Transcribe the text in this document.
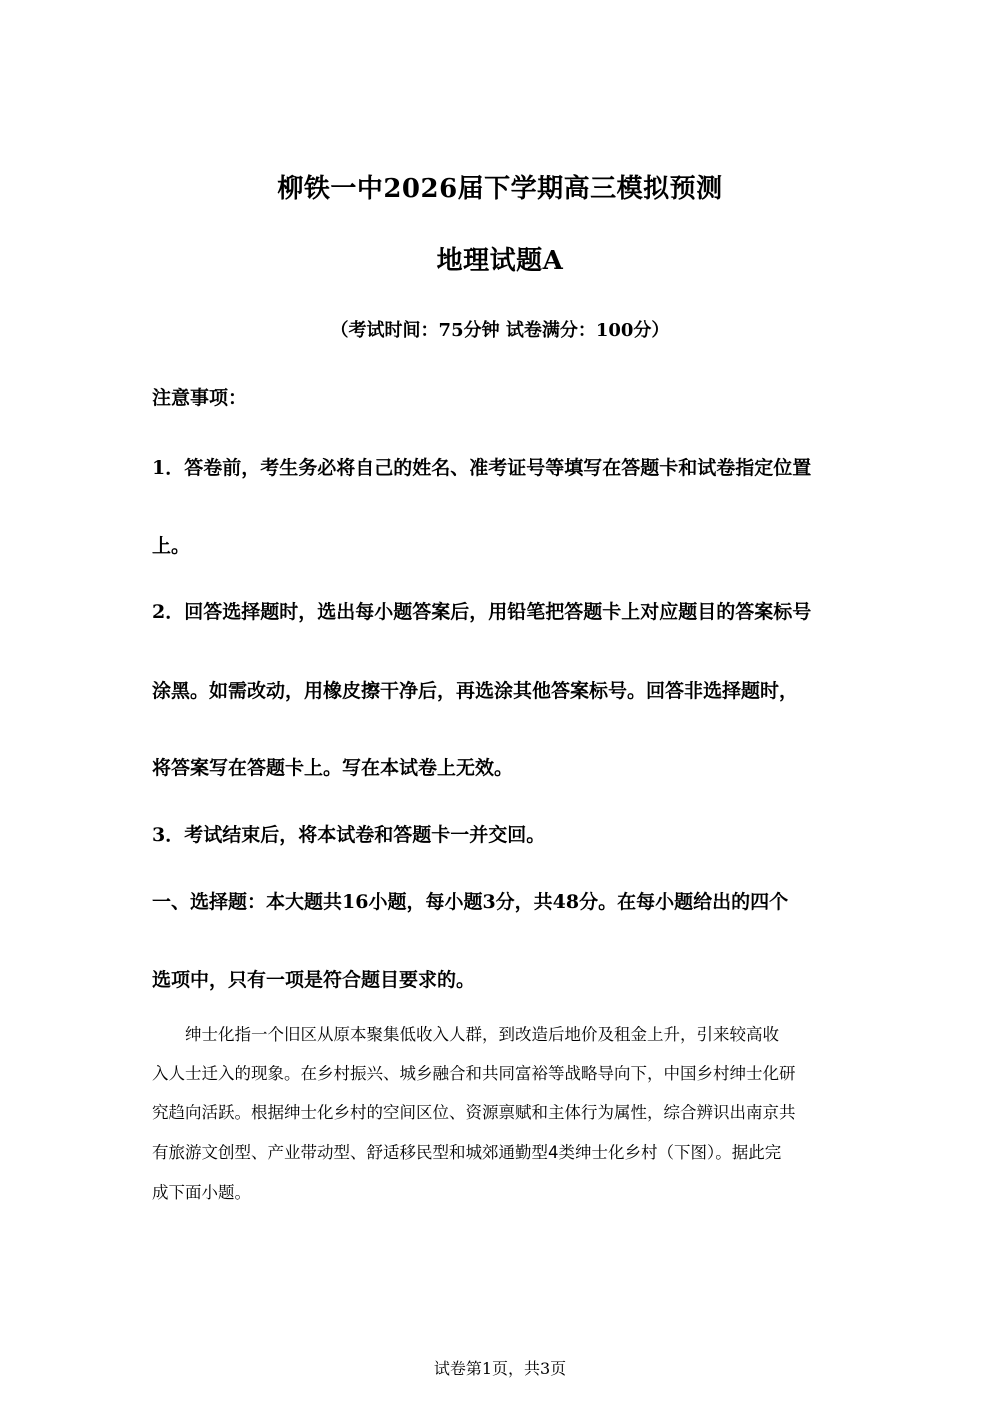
柳铁一中2026届下学期高三模拟预测
地理试题A
（考试时间：75分钟 试卷满分：100分）
注意事项：
1．答卷前，考生务必将自己的姓名、准考证号等填写在答题卡和试卷指定位置
上。
2．回答选择题时，选出每小题答案后，用铅笔把答题卡上对应题目的答案标号
涂黑。如需改动，用橡皮擦干净后，再选涂其他答案标号。回答非选择题时，
将答案写在答题卡上。写在本试卷上无效。
3．考试结束后，将本试卷和答题卡一并交回。
一、选择题：本大题共16小题，每小题3分，共48分。在每小题给出的四个
选项中，只有一项是符合题目要求的。
　　绅士化指一个旧区从原本聚集低收入人群，到改造后地价及租金上升，引来较高收
入人士迁入的现象。在乡村振兴、城乡融合和共同富裕等战略导向下，中国乡村绅士化研
究趋向活跃。根据绅士化乡村的空间区位、资源禀赋和主体行为属性，综合辨识出南京共
有旅游文创型、产业带动型、舒适移民型和城郊通勤型4类绅士化乡村（下图）。据此完
成下面小题。
试卷第1页，共3页
